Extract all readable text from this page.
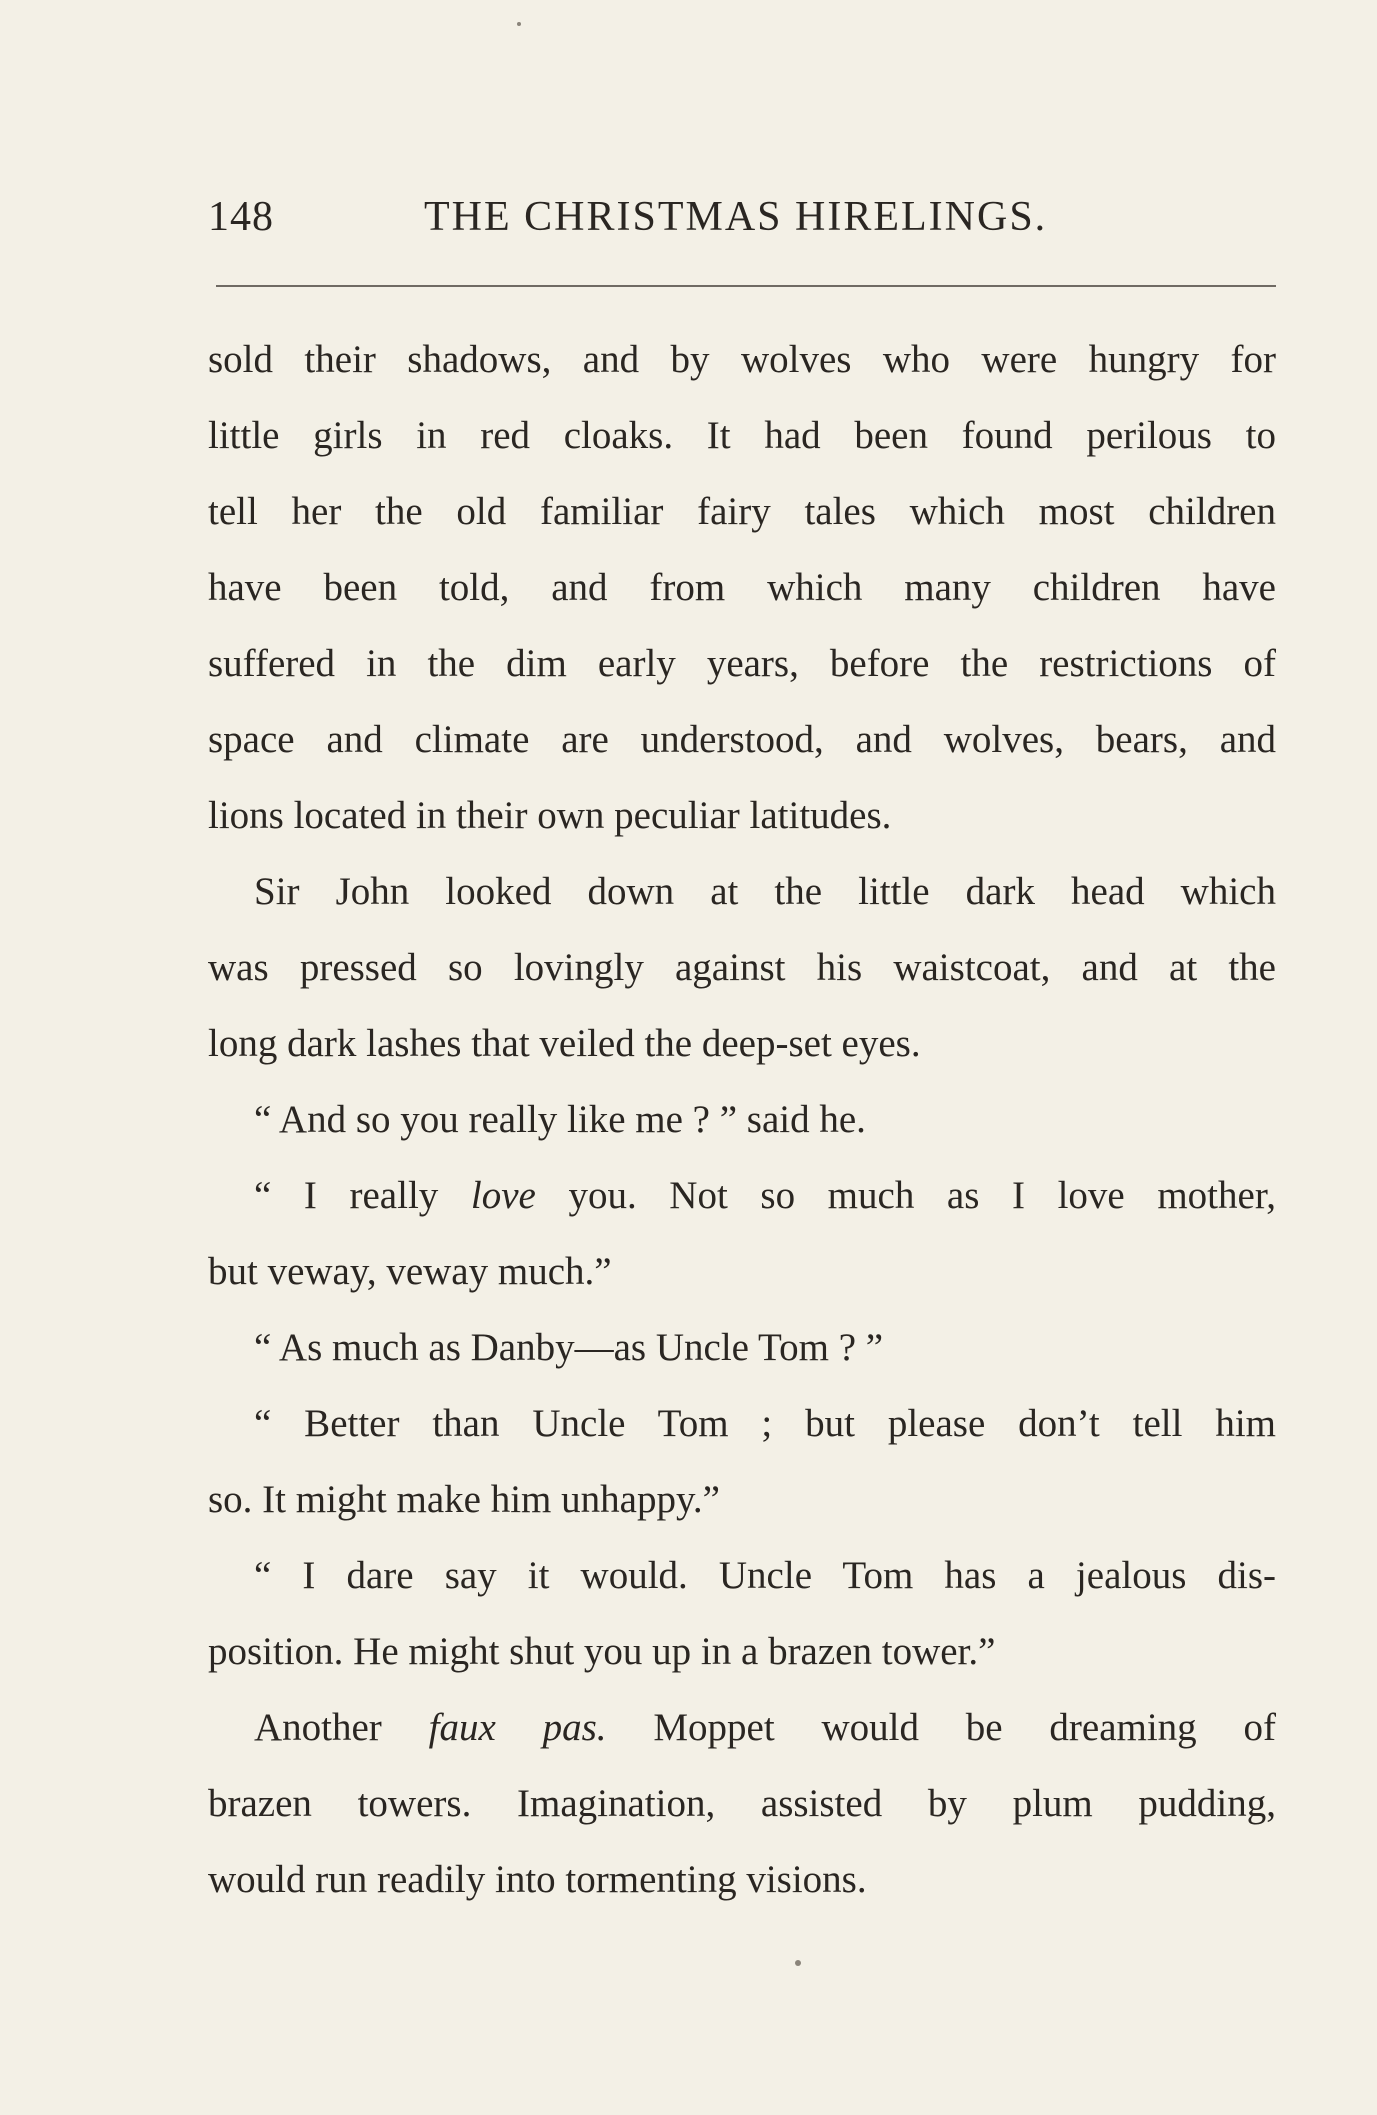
148	THE CHRISTMAS HIRELINGS.
sold their shadows, and by wolves who were hungry for
little girls in red cloaks. It had been found perilous to
tell her the old familiar fairy tales which most children
have been told, and from which many children have
suffered in the dim early years, before the restrictions of
space and climate are understood, and wolves, bears, and
lions located in their own peculiar latitudes.
Sir John looked down at the little dark head which
was pressed so lovingly against his waistcoat, and at the
long dark lashes that veiled the deep-set eyes.
“ And so you really like me ? ” said he.
“ I really love you. Not so much as I love mother,
but veway, veway much.”
“ As much as Danby—as Uncle Tom ? ”
“ Better than Uncle Tom ; but please don’t tell him
so. It might make him unhappy.”
“ I dare say it would. Uncle Tom has a jealous dis-
position. He might shut you up in a brazen tower.”
Another faux pas. Moppet would be dreaming of
brazen towers. Imagination, assisted by plum pudding,
would run readily into tormenting visions.
